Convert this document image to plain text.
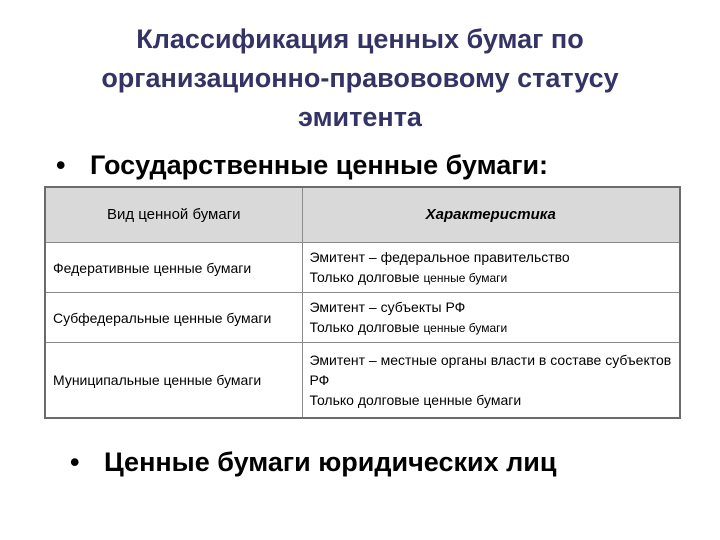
Классификация ценных бумаг по
организационно-правововому статусу
эмитента
• Государственные ценные бумаги:
Вид ценной бумаги	Характеристика
Федеративные ценные бумаги	Эмитент – федеральное правительство
Только долговые ценные бумаги

Субфедеральные ценные бумаги	Эмитент – субъекты РФ
Только долговые ценные бумаги

Муниципальные ценные бумаги	Эмитент – местные органы власти в составе субъектов РФ
Только долговые ценные бумаги
• Ценные бумаги юридических лиц
